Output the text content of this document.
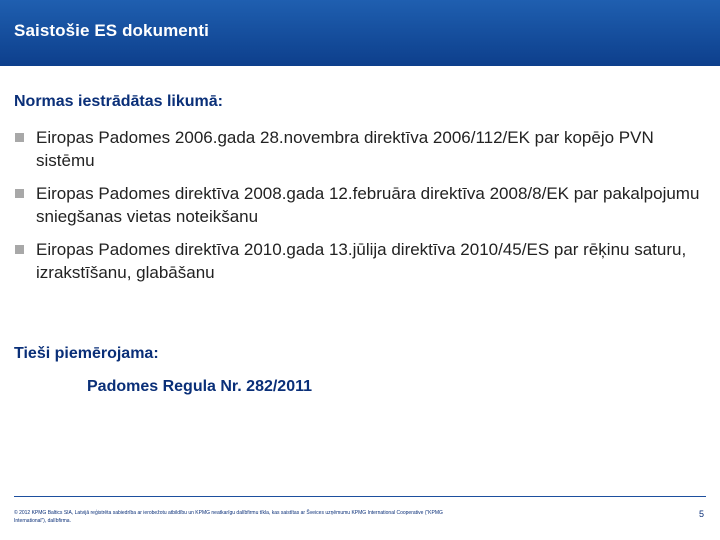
Saistošie ES dokumenti
Normas iestrādātas likumā:
Eiropas Padomes 2006.gada 28.novembra direktīva 2006/112/EK par kopējo PVN sistēmu
Eiropas Padomes direktīva 2008.gada 12.februāra direktīva 2008/8/EK par pakalpojumu sniegšanas vietas noteikšanu
Eiropas Padomes direktīva 2010.gada 13.jūlija direktīva 2010/45/ES par rēķinu saturu, izrakstīšanu, glabāšanu
Tieši piemērojama:
Padomes Regula Nr. 282/2011
© 2012 KPMG Baltics SIA, Latvijā reģistrēta sabiedrība ar ierobežotu atbildību un KPMG neatkarīgu dalībfirmu tīkla, kas saistītas ar Šveices uzņēmumu KPMG International Cooperative (“KPMG International”), dalībfirma.
5
